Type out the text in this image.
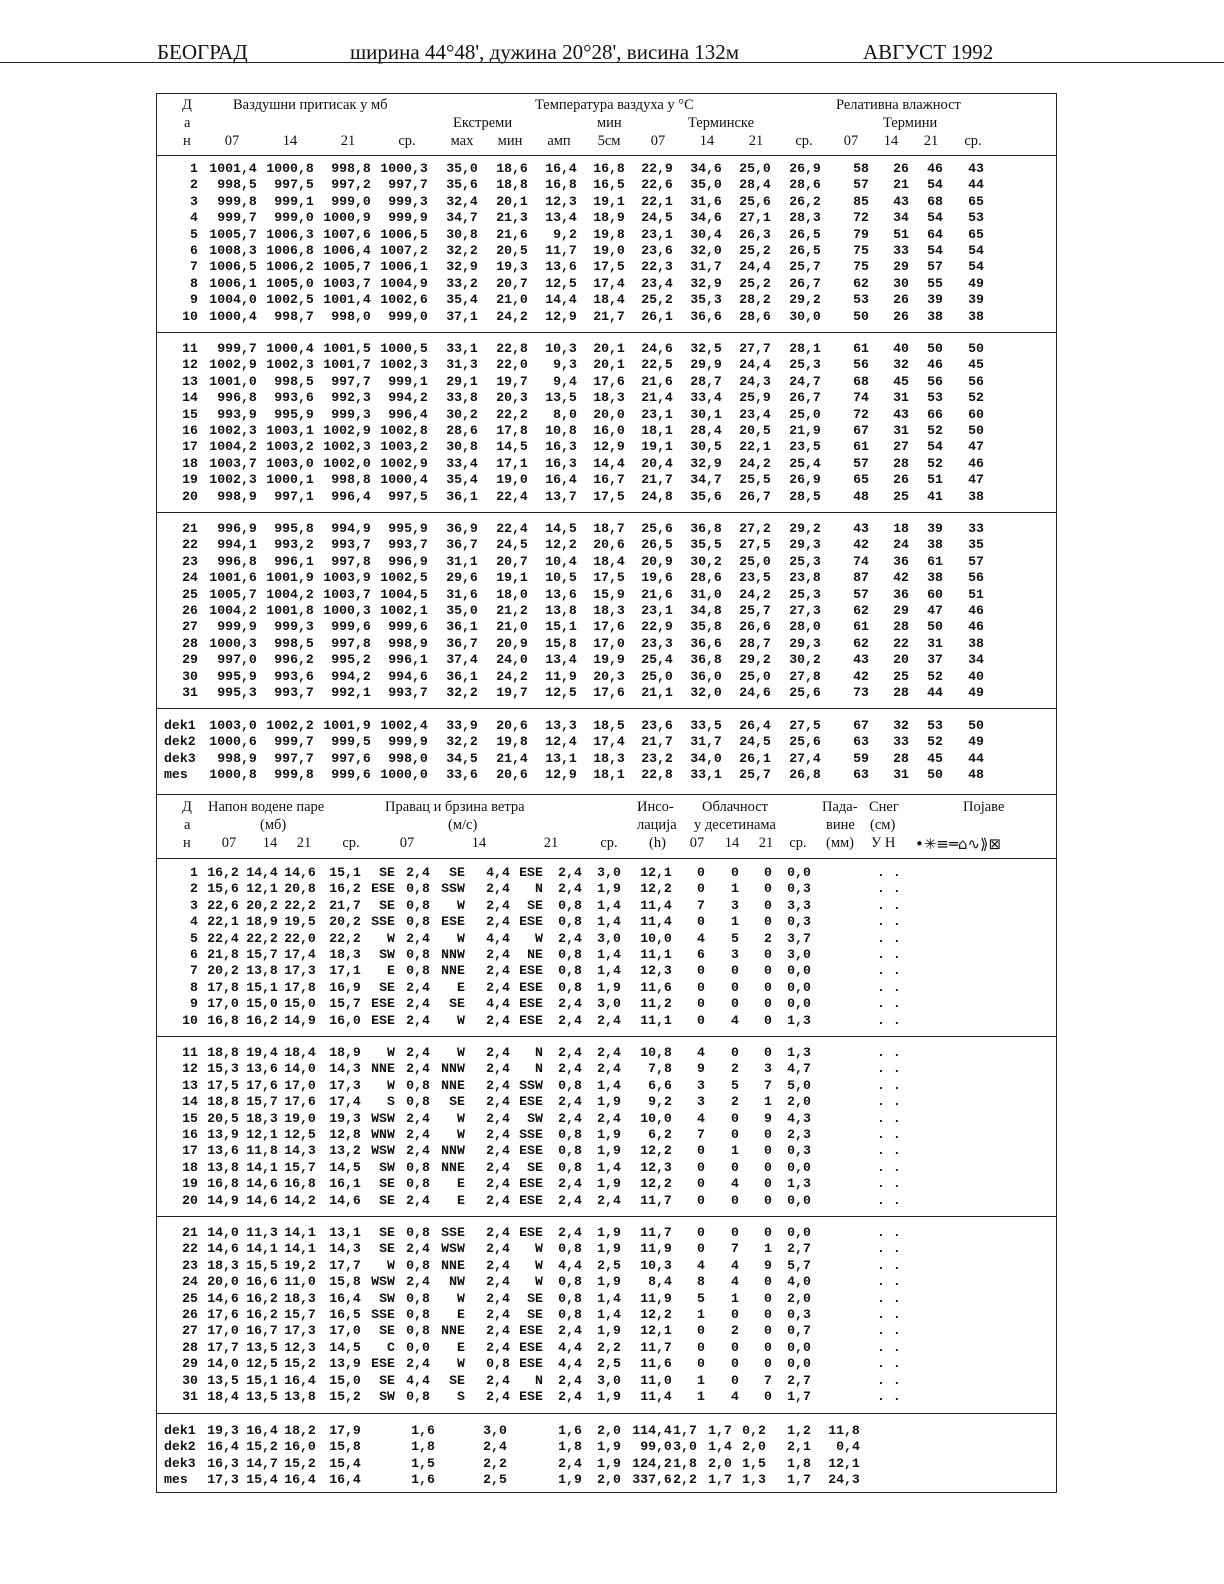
БЕОГРАД	ширина 44°48', дужина 20°28', висина 132м	АВГУСТ 1992
Д
а
н
Ваздушни притисак у мб	Температура ваздуха у °C	Релативна влажност
Екстреми	мин	Терминске	Термини
07	14	21	ср.	мах	мин амп	5см	07	14	21	ср.	07	14	21	ср.
Д
а
н
Напон водене паре
(мб)
Правац и брзина ветра
(м/с)
Инсо-
лација
(h)
Облачност
у десетинама
Пада-
вине
(мм)
Снег
(см)
У Н
Појаве
•✳≡═⌂∿⟫⊠
07	14	21	ср.	07	14	21	ср.	07	14	21	ср.
1 1001,4 1000,8 998,8 1000,3 35,0 18,6 16,4 16,8 22,9 34,6 25,0 26,9 58 26 46 43
2 998,5 997,5 997,2 997,7 35,6 18,8 16,8 16,5 22,6 35,0 28,4 28,6 57 21 54 44
3 999,8 999,1 999,0 999,3 32,4 20,1 12,3 19,1 22,1 31,6 25,6 26,2 85 43 68 65
4 999,7 999,0 1000,9 999,9 34,7 21,3 13,4 18,9 24,5 34,6 27,1 28,3 72 34 54 53
5 1005,7 1006,3 1007,6 1006,5 30,8 21,6 9,2 19,8 23,1 30,4 26,3 26,5 79 51 64 65
6 1008,3 1006,8 1006,4 1007,2 32,2 20,5 11,7 19,0 23,6 32,0 25,2 26,5 75 33 54 54
7 1006,5 1006,2 1005,7 1006,1 32,9 19,3 13,6 17,5 22,3 31,7 24,4 25,7 75 29 57 54
8 1006,1 1005,0 1003,7 1004,9 33,2 20,7 12,5 17,4 23,4 32,9 25,2 26,7 62 30 55 49
9 1004,0 1002,5 1001,4 1002,6 35,4 21,0 14,4 18,4 25,2 35,3 28,2 29,2 53 26 39 39
10 1000,4 998,7 998,0 999,0 37,1 24,2 12,9 21,7 26,1 36,6 28,6 30,0 50 26 38 38
11 999,7 1000,4 1001,5 1000,5 33,1 22,8 10,3 20,1 24,6 32,5 27,7 28,1 61 40 50 50
12 1002,9 1002,3 1001,7 1002,3 31,3 22,0 9,3 20,1 22,5 29,9 24,4 25,3 56 32 46 45
13 1001,0 998,5 997,7 999,1 29,1 19,7 9,4 17,6 21,6 28,7 24,3 24,7 68 45 56 56
14 996,8 993,6 992,3 994,2 33,8 20,3 13,5 18,3 21,4 33,4 25,9 26,7 74 31 53 52
15 993,9 995,9 999,3 996,4 30,2 22,2 8,0 20,0 23,1 30,1 23,4 25,0 72 43 66 60
16 1002,3 1003,1 1002,9 1002,8 28,6 17,8 10,8 16,0 18,1 28,4 20,5 21,9 67 31 52 50
17 1004,2 1003,2 1002,3 1003,2 30,8 14,5 16,3 12,9 19,1 30,5 22,1 23,5 61 27 54 47
18 1003,7 1003,0 1002,0 1002,9 33,4 17,1 16,3 14,4 20,4 32,9 24,2 25,4 57 28 52 46
19 1002,3 1000,1 998,8 1000,4 35,4 19,0 16,4 16,7 21,7 34,7 25,5 26,9 65 26 51 47
20 998,9 997,1 996,4 997,5 36,1 22,4 13,7 17,5 24,8 35,6 26,7 28,5 48 25 41 38
21 996,9 995,8 994,9 995,9 36,9 22,4 14,5 18,7 25,6 36,8 27,2 29,2 43 18 39 33
22 994,1 993,2 993,7 993,7 36,7 24,5 12,2 20,6 26,5 35,5 27,5 29,3 42 24 38 35
23 996,8 996,1 997,8 996,9 31,1 20,7 10,4 18,4 20,9 30,2 25,0 25,3 74 36 61 57
24 1001,6 1001,9 1003,9 1002,5 29,6 19,1 10,5 17,5 19,6 28,6 23,5 23,8 87 42 38 56
25 1005,7 1004,2 1003,7 1004,5 31,6 18,0 13,6 15,9 21,6 31,0 24,2 25,3 57 36 60 51
26 1004,2 1001,8 1000,3 1002,1 35,0 21,2 13,8 18,3 23,1 34,8 25,7 27,3 62 29 47 46
27 999,9 999,3 999,6 999,6 36,1 21,0 15,1 17,6 22,9 35,8 26,6 28,0 61 28 50 46
28 1000,3 998,5 997,8 998,9 36,7 20,9 15,8 17,0 23,3 36,6 28,7 29,3 62 22 31 38
29 997,0 996,2 995,2 996,1 37,4 24,0 13,4 19,9 25,4 36,8 29,2 30,2 43 20 37 34
30 995,9 993,6 994,2 994,6 36,1 24,2 11,9 20,3 25,0 36,0 25,0 27,8 42 25 52 40
31 995,3 993,7 992,1 993,7 32,2 19,7 12,5 17,6 21,1 32,0 24,6 25,6 73 28 44 49
dek1 1003,0 1002,2 1001,9 1002,4 33,9 20,6 13,3 18,5 23,6 33,5 26,4 27,5 67 32 53 50
dek2 1000,6 999,7 999,5 999,9 32,2 19,8 12,4 17,4 21,7 31,7 24,5 25,6 63 33 52 49
dek3 998,9 997,7 997,6 998,0 34,5 21,4 13,1 18,3 23,2 34,0 26,1 27,4 59 28 45 44
mes 1000,8 999,8 999,6 1000,0 33,6 20,6 12,9 18,1 22,8 33,1 25,7 26,8 63 31 50 48
1 16,2 14,4 14,6 15,1 SE 2,4 SE 4,4 ESE 2,4 3,0 12,1 0 0 0 0,0	. .
2 15,6 12,1 20,8 16,2 ESE 0,8 SSW 2,4 N 2,4 1,9 12,2 0 1 0 0,3	. .
3 22,6 20,2 22,2 21,7 SE 0,8 W 2,4 SE 0,8 1,4 11,4 7 3 0 3,3	. .
4 22,1 18,9 19,5 20,2 SSE 0,8 ESE 2,4 ESE 0,8 1,4 11,4 0 1 0 0,3	. .
5 22,4 22,2 22,0 22,2 W 2,4 W 4,4 W 2,4 3,0 10,0 4 5 2 3,7	. .
6 21,8 15,7 17,4 18,3 SW 0,8 NNW 2,4 NE 0,8 1,4 11,1 6 3 0 3,0	. .
7 20,2 13,8 17,3 17,1 E 0,8 NNE 2,4 ESE 0,8 1,4 12,3 0 0 0 0,0	. .
8 17,8 15,1 17,8 16,9 SE 2,4 E 2,4 ESE 0,8 1,9 11,6 0 0 0 0,0	. .
9 17,0 15,0 15,0 15,7 ESE 2,4 SE 4,4 ESE 2,4 3,0 11,2 0 0 0 0,0	. .
10 16,8 16,2 14,9 16,0 ESE 2,4 W 2,4 ESE 2,4 2,4 11,1 0 4 0 1,3	. .
11 18,8 19,4 18,4 18,9 W 2,4 W 2,4 N 2,4 2,4 10,8 4 0 0 1,3	. .
12 15,3 13,6 14,0 14,3 NNE 2,4 NNW 2,4 N 2,4 2,4 7,8 9 2 3 4,7	. .
13 17,5 17,6 17,0 17,3 W 0,8 NNE 2,4 SSW 0,8 1,4 6,6 3 5 7 5,0	. .
14 18,8 15,7 17,6 17,4 S 0,8 SE 2,4 ESE 2,4 1,9 9,2 3 2 1 2,0	. .
15 20,5 18,3 19,0 19,3 WSW 2,4 W 2,4 SW 2,4 2,4 10,0 4 0 9 4,3	. .
16 13,9 12,1 12,5 12,8 WNW 2,4 W 2,4 SSE 0,8 1,9 6,2 7 0 0 2,3	. .
17 13,6 11,8 14,3 13,2 WSW 2,4 NNW 2,4 ESE 0,8 1,9 12,2 0 1 0 0,3	. .
18 13,8 14,1 15,7 14,5 SW 0,8 NNE 2,4 SE 0,8 1,4 12,3 0 0 0 0,0	. .
19 16,8 14,6 16,8 16,1 SE 0,8 E 2,4 ESE 2,4 1,9 12,2 0 4 0 1,3	. .
20 14,9 14,6 14,2 14,6 SE 2,4 E 2,4 ESE 2,4 2,4 11,7 0 0 0 0,0	. .
21 14,0 11,3 14,1 13,1 SE 0,8 SSE 2,4 ESE 2,4 1,9 11,7 0 0 0 0,0	. .
22 14,6 14,1 14,1 14,3 SE 2,4 WSW 2,4 W 0,8 1,9 11,9 0 7 1 2,7	. .
23 18,3 15,5 19,2 17,7 W 0,8 NNE 2,4 W 4,4 2,5 10,3 4 4 9 5,7	. .
24 20,0 16,6 11,0 15,8 WSW 2,4 NW 2,4 W 0,8 1,9 8,4 8 4 0 4,0	. .
25 14,6 16,2 18,3 16,4 SW 0,8 W 2,4 SE 0,8 1,4 11,9 5 1 0 2,0	. .
26 17,6 16,2 15,7 16,5 SSE 0,8 E 2,4 SE 0,8 1,4 12,2 1 0 0 0,3	. .
27 17,0 16,7 17,3 17,0 SE 0,8 NNE 2,4 ESE 2,4 1,9 12,1 0 2 0 0,7	. .
28 17,7 13,5 12,3 14,5 C 0,0 E 2,4 ESE 4,4 2,2 11,7 0 0 0 0,0	. .
29 14,0 12,5 15,2 13,9 ESE 2,4 W 0,8 ESE 4,4 2,5 11,6 0 0 0 0,0	. .
30 13,5 15,1 16,4 15,0 SE 4,4 SE 2,4 N 2,4 3,0 11,0 1 0 7 2,7	. .
31 18,4 13,5 13,8 15,2 SW 0,8 S 2,4 ESE 2,4 1,9 11,4 1 4 0 1,7	. .
dek1 19,3 16,4 18,2 17,9	1,6	3,0	1,6 2,0 114,4 1,7 1,7 0,2 1,2 11,8
dek2 16,4 15,2 16,0 15,8	1,8	2,4	1,8 1,9 99,0 3,0 1,4 2,0 2,1 0,4
dek3 16,3 14,7 15,2 15,4	1,5	2,2	2,4 1,9 124,2 1,8 2,0 1,5 1,8 12,1
mes 17,3 15,4 16,4 16,4	1,6	2,5	1,9 2,0 337,6 2,2 1,7 1,3 1,7 24,3
